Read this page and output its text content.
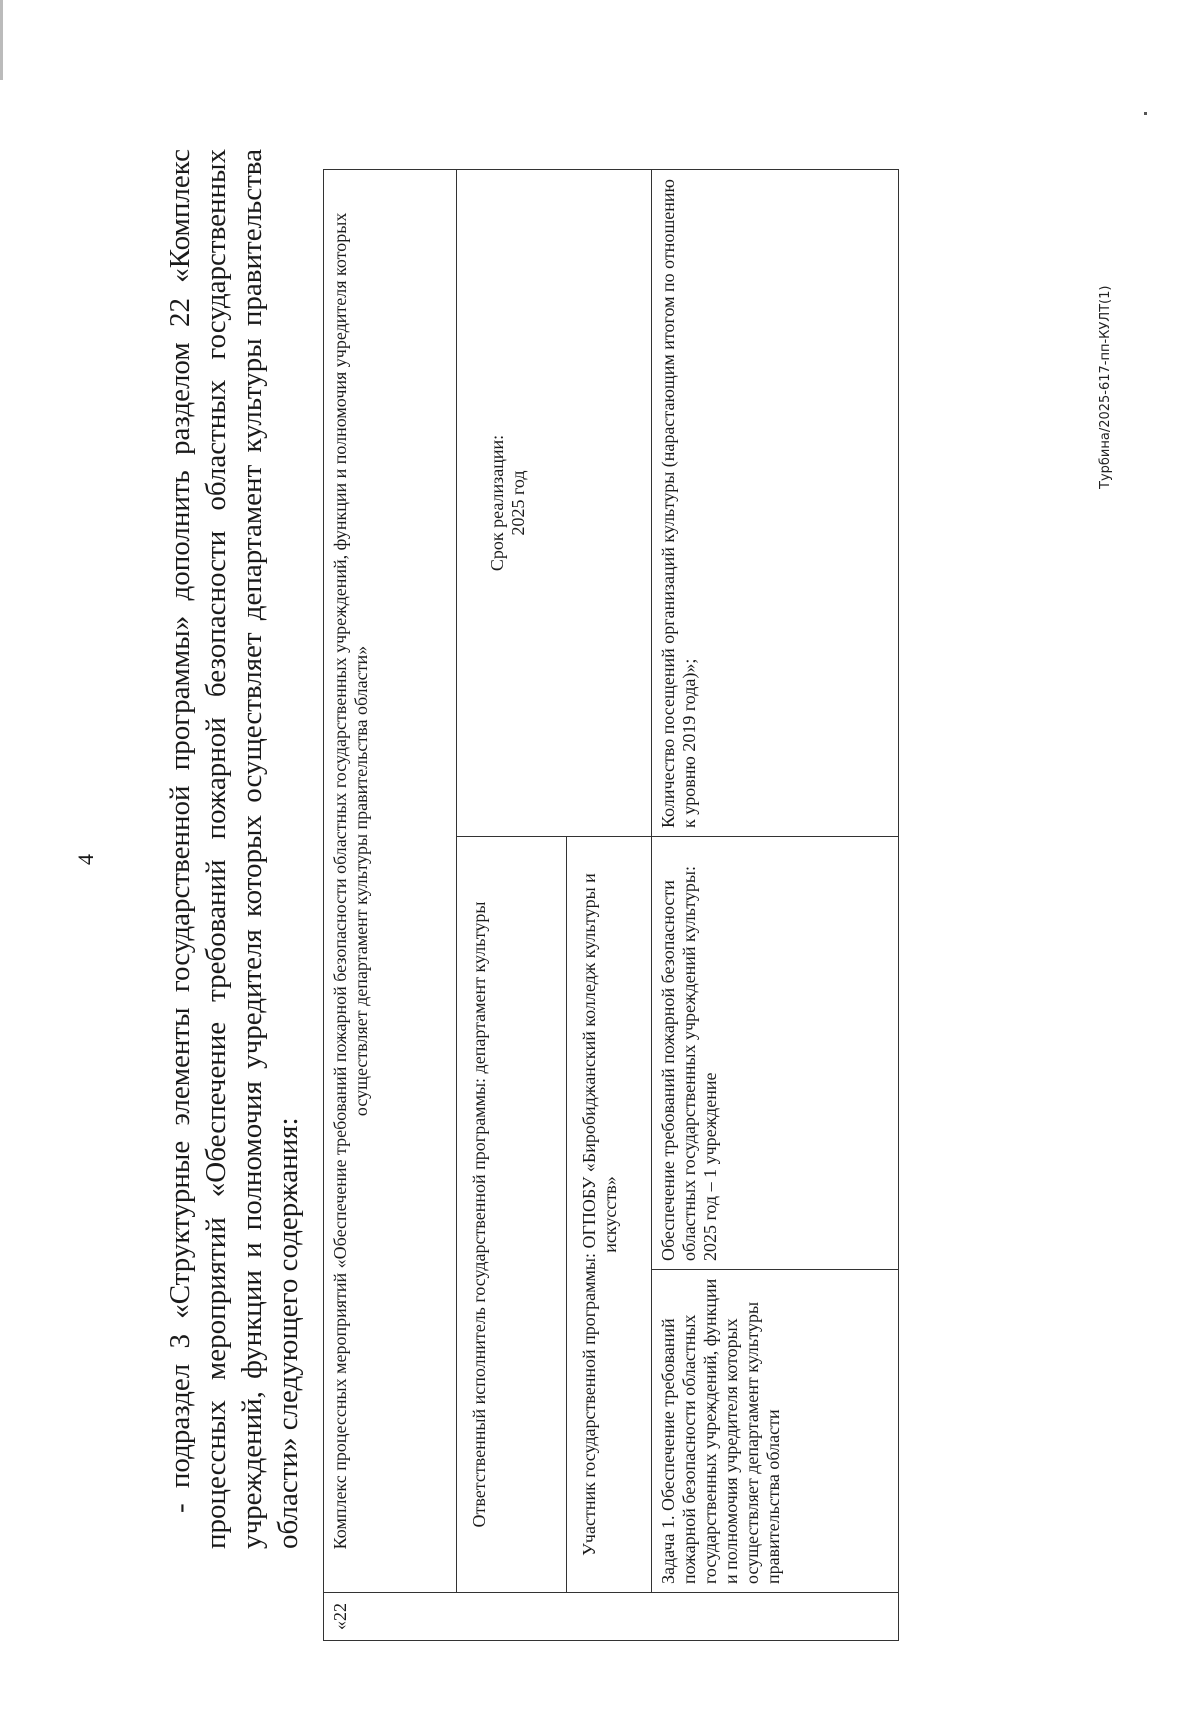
4 - подраздел 3 «Структурные элементы государственной программы» дополнить разделом 22 «Комплекс процессных мероприятий «Обеспечение требований пожарной безопасности областных государственных учреждений, функции и полномочия учредителя которых осуществляет департамент культуры правительства области» следующего содержания:

«22	Комплекс процессных мероприятий «Обеспечение требований пожарной безопасности областных государственных учреждений, функции и полномочия учредителя которых осуществляет департамент культуры правительства области»		
	Ответственный исполнитель государственной программы: департамент культуры		Срок реализации:
2025 год
	Участник государственной программы: ОГПОБУ «Биробиджанский колледж культуры и искусств»		
	Задача 1. Обеспечение требований пожарной безопасности областных государственных учреждений, функции и полномочия учредителя которых осуществляет департамент культуры правительства области	Обеспечение требований пожарной безопасности областных государственных учреждений культуры:
2025 год – 1 учреждение	Количество посещений организаций культуры (нарастающим итогом по отношению к уровню 2019 года)»;
Турбина/2025-617-пп-КУЛТ(1)
